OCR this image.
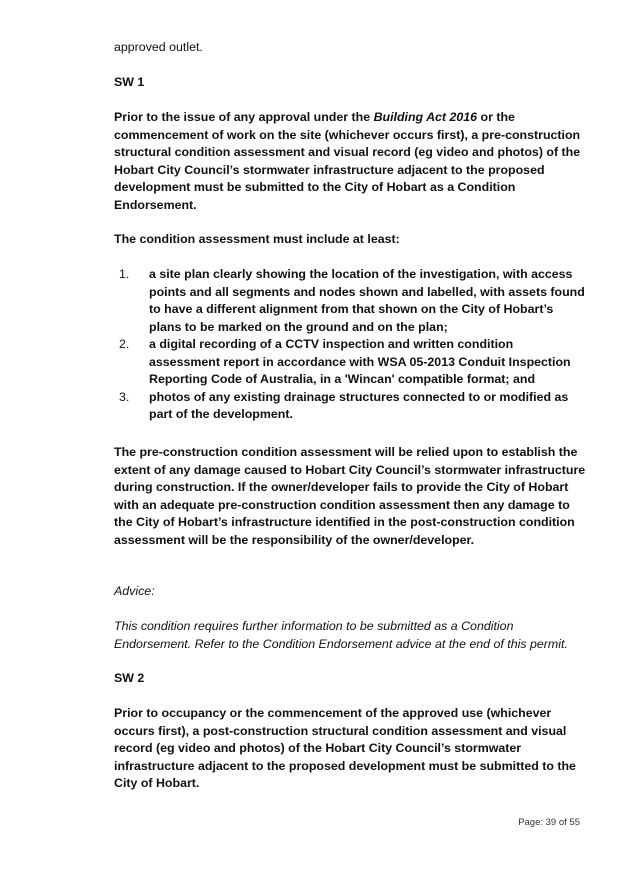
approved outlet.
SW 1
Prior to the issue of any approval under the Building Act 2016 or the commencement of work on the site (whichever occurs first), a pre-construction structural condition assessment and visual record (eg video and photos) of the Hobart City Council’s stormwater infrastructure adjacent to the proposed development must be submitted to the City of Hobart as a Condition Endorsement.
The condition assessment must include at least:
1. a site plan clearly showing the location of the investigation, with access points and all segments and nodes shown and labelled, with assets found to have a different alignment from that shown on the City of Hobart’s plans to be marked on the ground and on the plan;
2. a digital recording of a CCTV inspection and written condition assessment report in accordance with WSA 05-2013 Conduit Inspection Reporting Code of Australia, in a 'Wincan' compatible format; and
3. photos of any existing drainage structures connected to or modified as part of the development.
The pre-construction condition assessment will be relied upon to establish the extent of any damage caused to Hobart City Council’s stormwater infrastructure during construction. If the owner/developer fails to provide the City of Hobart with an adequate pre-construction condition assessment then any damage to the City of Hobart’s infrastructure identified in the post-construction condition assessment will be the responsibility of the owner/developer.
Advice:
This condition requires further information to be submitted as a Condition Endorsement. Refer to the Condition Endorsement advice at the end of this permit.
SW 2
Prior to occupancy or the commencement of the approved use (whichever occurs first), a post-construction structural condition assessment and visual record (eg video and photos) of the Hobart City Council’s stormwater infrastructure adjacent to the proposed development must be submitted to the City of Hobart.
Page: 39 of 55
